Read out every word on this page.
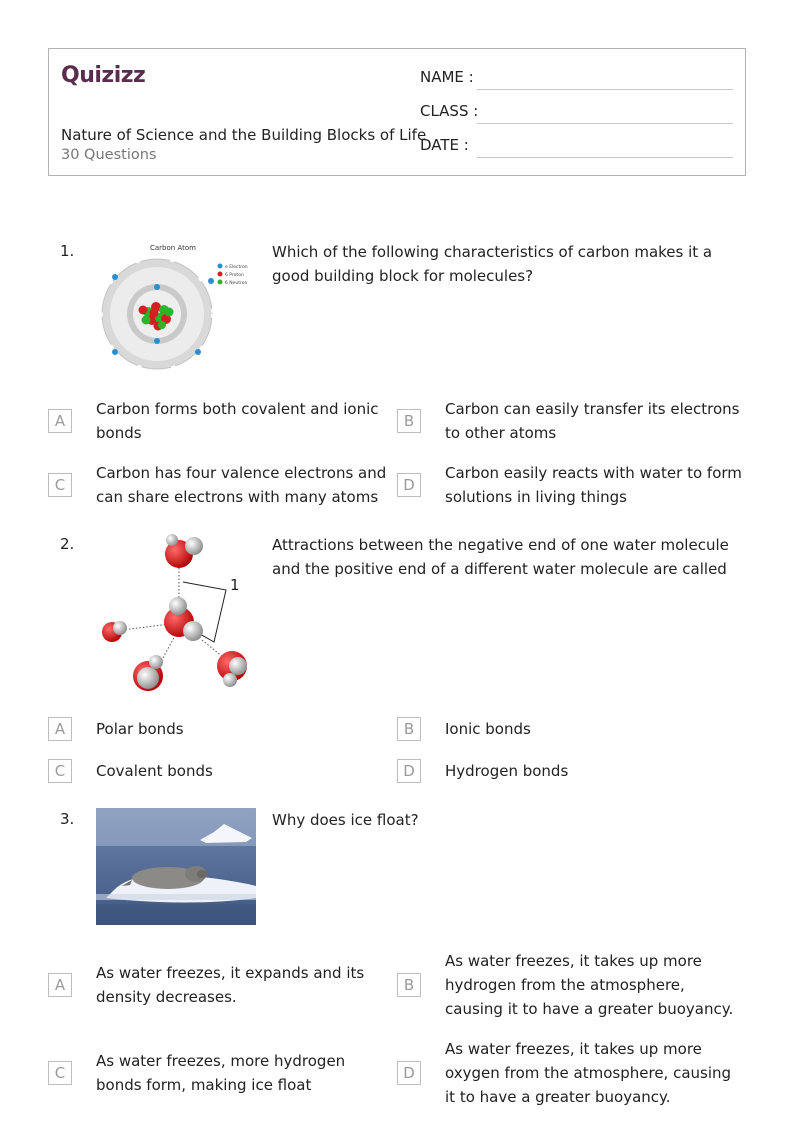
Quizizz
Nature of Science and the Building Blocks of Life
30 Questions
NAME :
CLASS :
DATE :
1.	Carbon Atom
e Electron
6 Proton
6 Neutron
Which of the following characteristics of carbon makes it a good building block for molecules?
A
Carbon forms both covalent and ionic bonds
B
Carbon can easily transfer its electrons to other atoms
C
Carbon has four valence electrons and can share electrons with many atoms
D
Carbon easily reacts with water to form solutions in living things
2.
1
Attractions between the negative end of one water molecule and the positive end of a different water molecule are called
A	Polar bonds	B	Ionic bonds
C	Covalent bonds	D	Hydrogen bonds
3.	Why does ice float?
A
As water freezes, it expands and its density decreases.
B
As water freezes, it takes up more hydrogen from the atmosphere, causing it to have a greater buoyancy.
C
As water freezes, more hydrogen bonds form, making ice float
D
As water freezes, it takes up more oxygen from the atmosphere, causing it to have a greater buoyancy.
